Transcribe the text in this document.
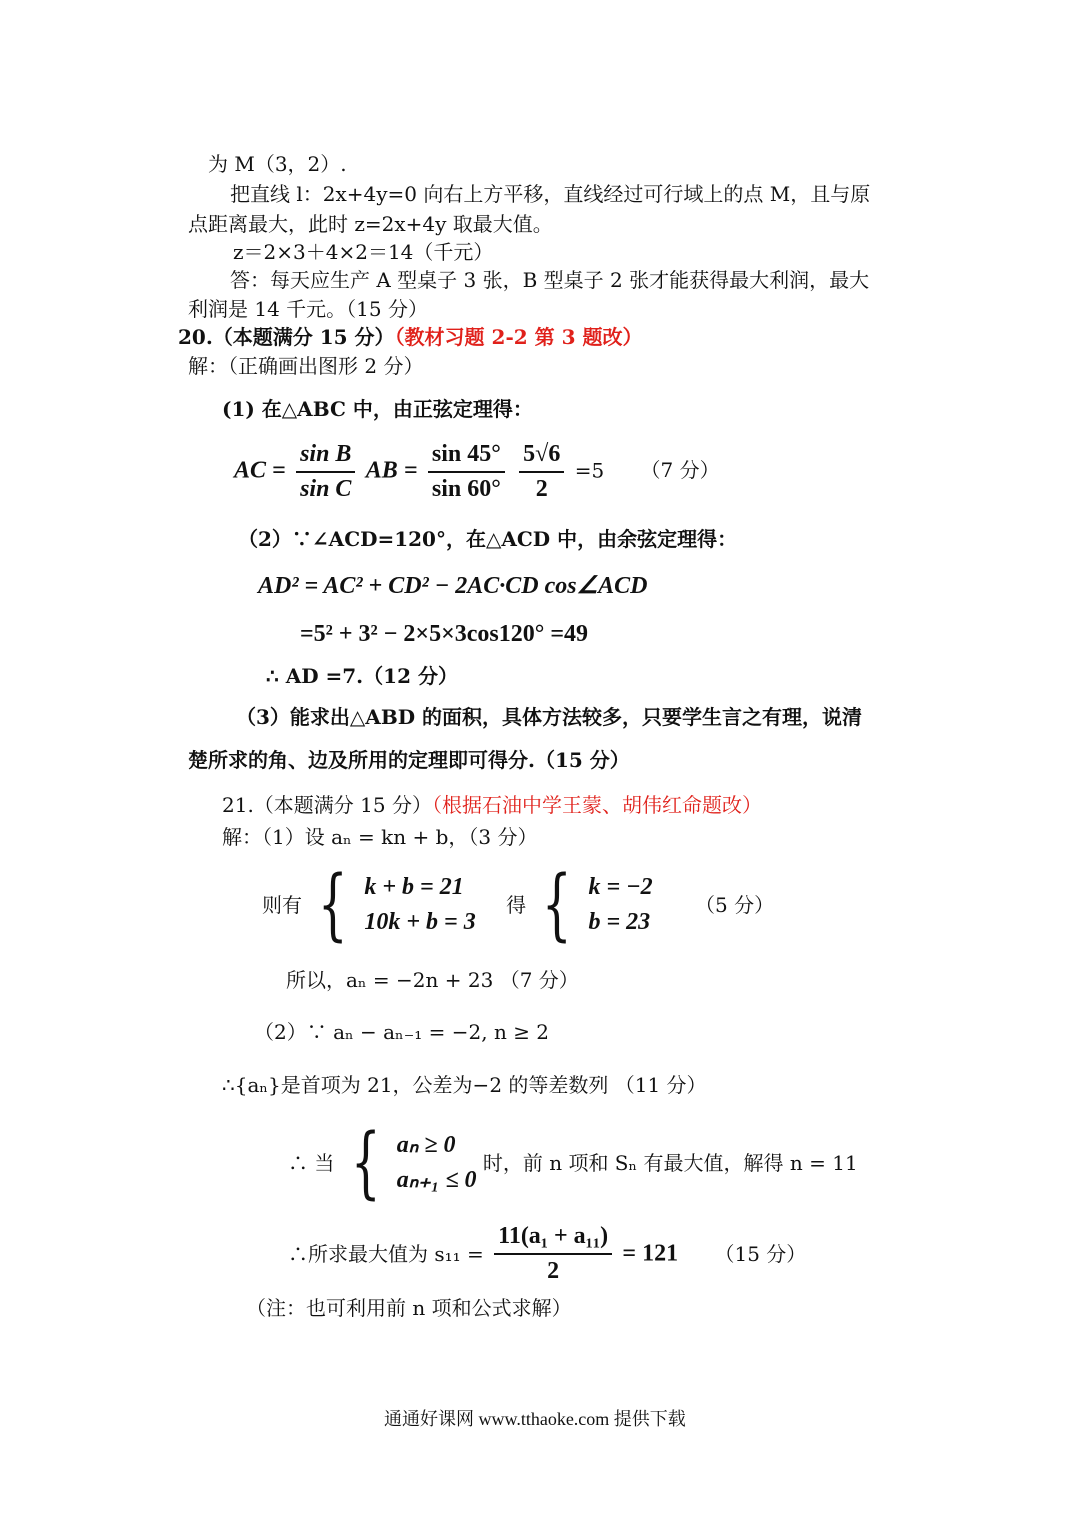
为 M（3，2）.
把直线 l：2x+4y=0 向右上方平移，直线经过可行域上的点 M，且与原
点距离最大，此时 z=2x+4y 取最大值。
z＝2×3＋4×2＝14（千元）
答：每天应生产 A 型桌子 3 张，B 型桌子 2 张才能获得最大利润，最大
利润是 14 千元。（15 分）
20.（本题满分 15 分）（教材习题 2-2 第 3 题改）
解：（正确画出图形 2 分）
(1) 在△ABC 中，由正弦定理得：
AC = $\frac{\text{sin B}}{\text{sin C}}$ AB = $\frac{\sin 45^\circ}{\sin 60^\circ}$
$\frac{5√6}{2} =5$ （7 分）
（2）∵∠ACD=120°，在△ACD 中，由余弦定理得：
AD² = AC² + CD² − 2AC·CD cos∠ACD
=5² + 3² − 2×5×3cos120° =49
∴ AD =7.（12 分）
（3）能求出△ABD 的面积，具体方法较多，只要学生言之有理，说清
楚所求的角、边及所用的定理即可得分.（15 分）
21.（本题满分 15 分）（根据石油中学王蒙、胡伟红命题改）
解：（1）设 aₙ = kn + b，（3 分）
则有 { k + b = 21
10k + b = 3
得 { k = −2
b = 23
（5 分）
所以，aₙ = −2n + 23 （7 分）
（2）∵ aₙ − aₙ₋₁ = −2, n ≥ 2
∴{aₙ}是首项为 21，公差为−2 的等差数列 （11 分）
∴ 当 { aₙ ≥ 0
aₙ₊₁ ≤ 0
时，前 n 项和 Sₙ 有最大值，解得 n = 11
∴所求最大值为 $s_{11} = \frac{\text{11(a₁ + a₁₁)}}{2} = 121$ （15 分）
（注：也可利用前 n 项和公式求解）
通通好课网 www.tthaoke.com 提供下载
